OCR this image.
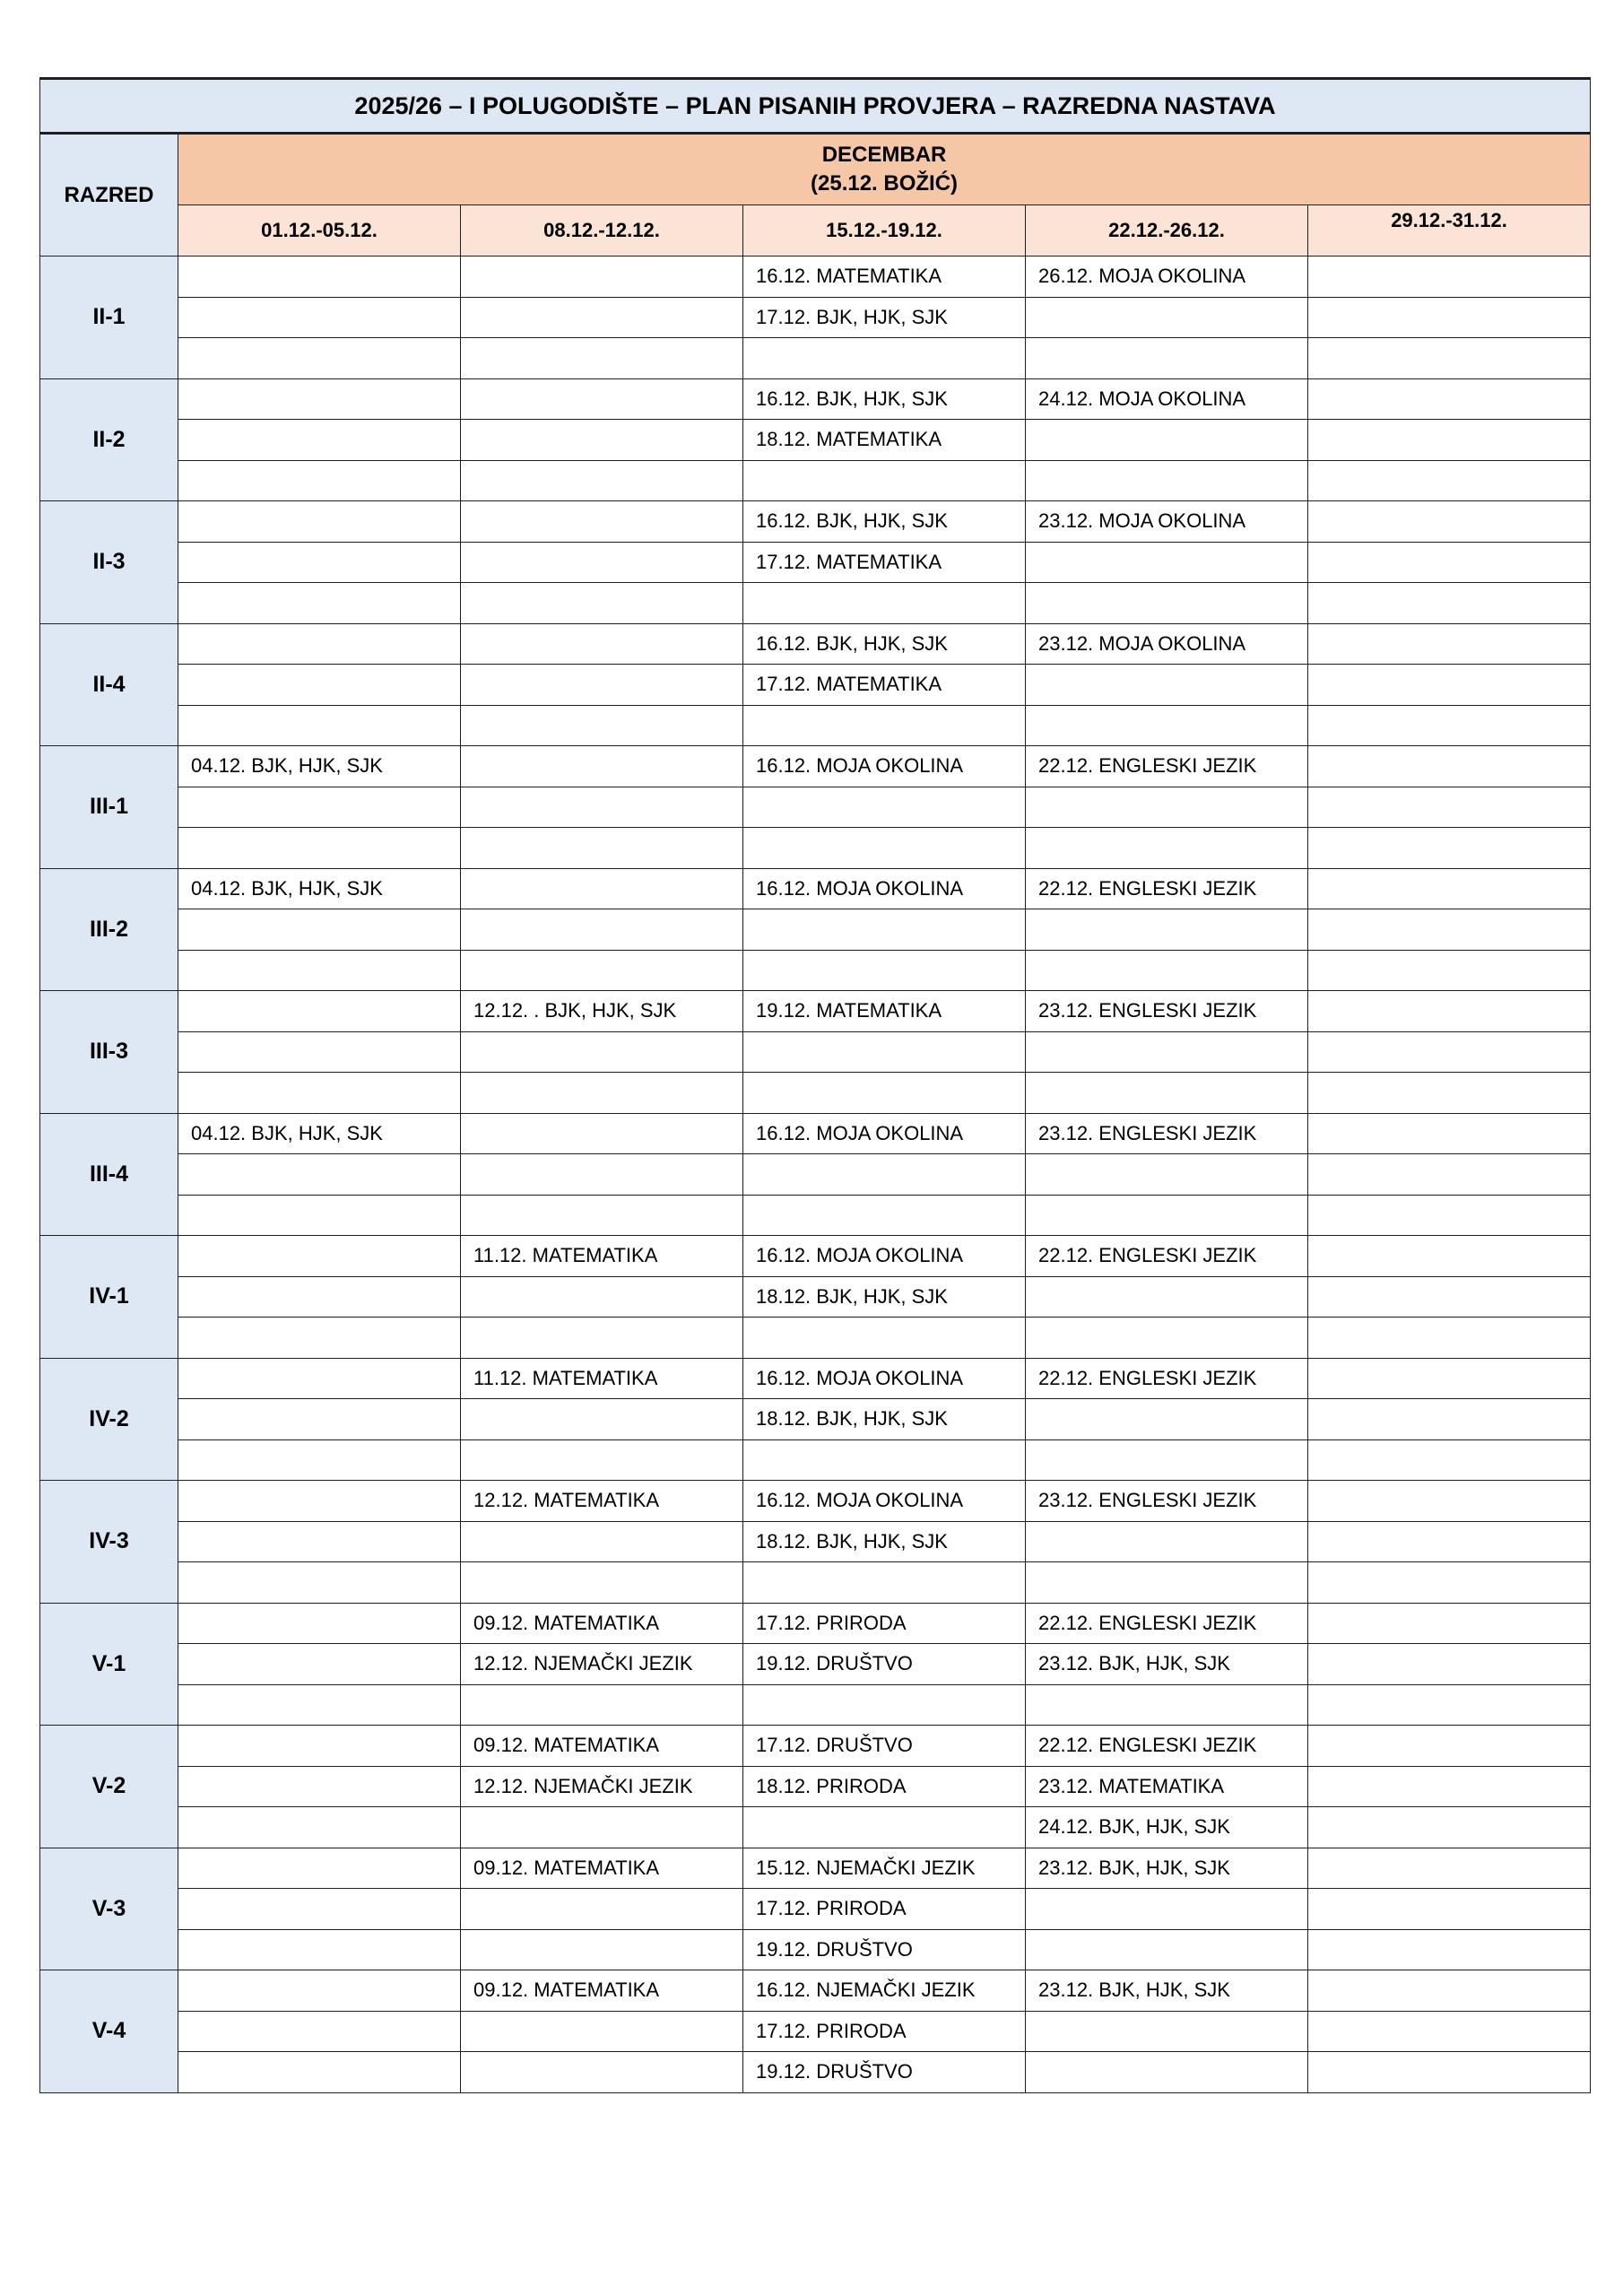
2025/26 – I POLUGODIŠTE – PLAN PISANIH PROVJERA – RAZREDNA NASTAVA					
RAZRED	DECEMBAR
(25.12. BOŽIĆ)				

	01.12.-05.12.	08.12.-12.12.	15.12.-19.12.	22.12.-26.12.	29.12.-31.12.
II-1			16.12. MATEMATIKA	26.12. MOJA OKOLINA	
			17.12. BJK, HJK, SJK		

II-2			16.12. BJK, HJK, SJK	24.12. MOJA OKOLINA	
			18.12. MATEMATIKA		

II-3			16.12. BJK, HJK, SJK	23.12. MOJA OKOLINA	
			17.12. MATEMATIKA		

II-4			16.12. BJK, HJK, SJK	23.12. MOJA OKOLINA	
			17.12. MATEMATIKA		

III-1	04.12. BJK, HJK, SJK		16.12. MOJA OKOLINA	22.12. ENGLESKI JEZIK	

III-2	04.12. BJK, HJK, SJK		16.12. MOJA OKOLINA	22.12. ENGLESKI JEZIK	

III-3		12.12. . BJK, HJK, SJK	19.12. MATEMATIKA	23.12. ENGLESKI JEZIK	

III-4	04.12. BJK, HJK, SJK		16.12. MOJA OKOLINA	23.12. ENGLESKI JEZIK	

IV-1		11.12. MATEMATIKA	16.12. MOJA OKOLINA	22.12. ENGLESKI JEZIK	
			18.12. BJK, HJK, SJK		

IV-2		11.12. MATEMATIKA	16.12. MOJA OKOLINA	22.12. ENGLESKI JEZIK	
			18.12. BJK, HJK, SJK		

IV-3		12.12. MATEMATIKA	16.12. MOJA OKOLINA	23.12. ENGLESKI JEZIK	
			18.12. BJK, HJK, SJK		

V-1		09.12. MATEMATIKA	17.12. PRIRODA	22.12. ENGLESKI JEZIK	
		12.12. NJEMAČKI JEZIK	19.12. DRUŠTVO	23.12. BJK, HJK, SJK	

V-2		09.12. MATEMATIKA	17.12. DRUŠTVO	22.12. ENGLESKI JEZIK	
		12.12. NJEMAČKI JEZIK	18.12. PRIRODA	23.12. MATEMATIKA	
				24.12. BJK, HJK, SJK	
V-3		09.12. MATEMATIKA	15.12. NJEMAČKI JEZIK	23.12. BJK, HJK, SJK	
			17.12. PRIRODA		
			19.12. DRUŠTVO		
V-4		09.12. MATEMATIKA	16.12. NJEMAČKI JEZIK	23.12. BJK, HJK, SJK	
			17.12. PRIRODA		
			19.12. DRUŠTVO		
